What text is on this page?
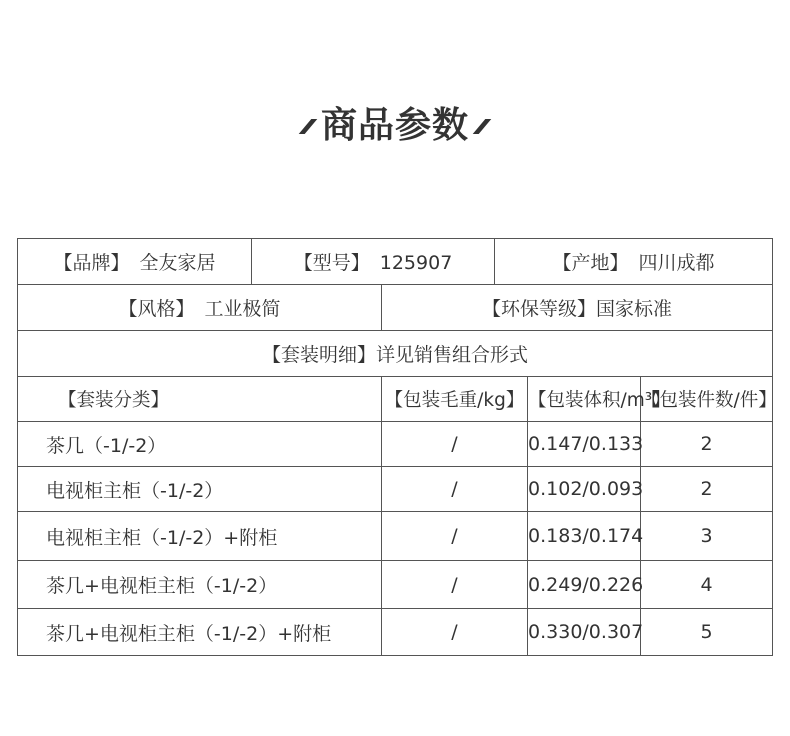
商品参数
【品牌】 全友家居	【型号】 125907		【产地】 四川成都		
【风格】 工业极简		【环保等级】国家标准			
【套装明细】详见销售组合形式					
【套装分类】		【包装毛重/kg】		【包装体积/m³】	【包装件数/件】
茶几（-1/-2）		/		0.147/0.133	2
电视柜主柜（-1/-2）		/		0.102/0.093	2
电视柜主柜（-1/-2）+附柜		/		0.183/0.174	3
茶几+电视柜主柜（-1/-2）		/		0.249/0.226	4
茶几+电视柜主柜（-1/-2）+附柜		/		0.330/0.307	5
